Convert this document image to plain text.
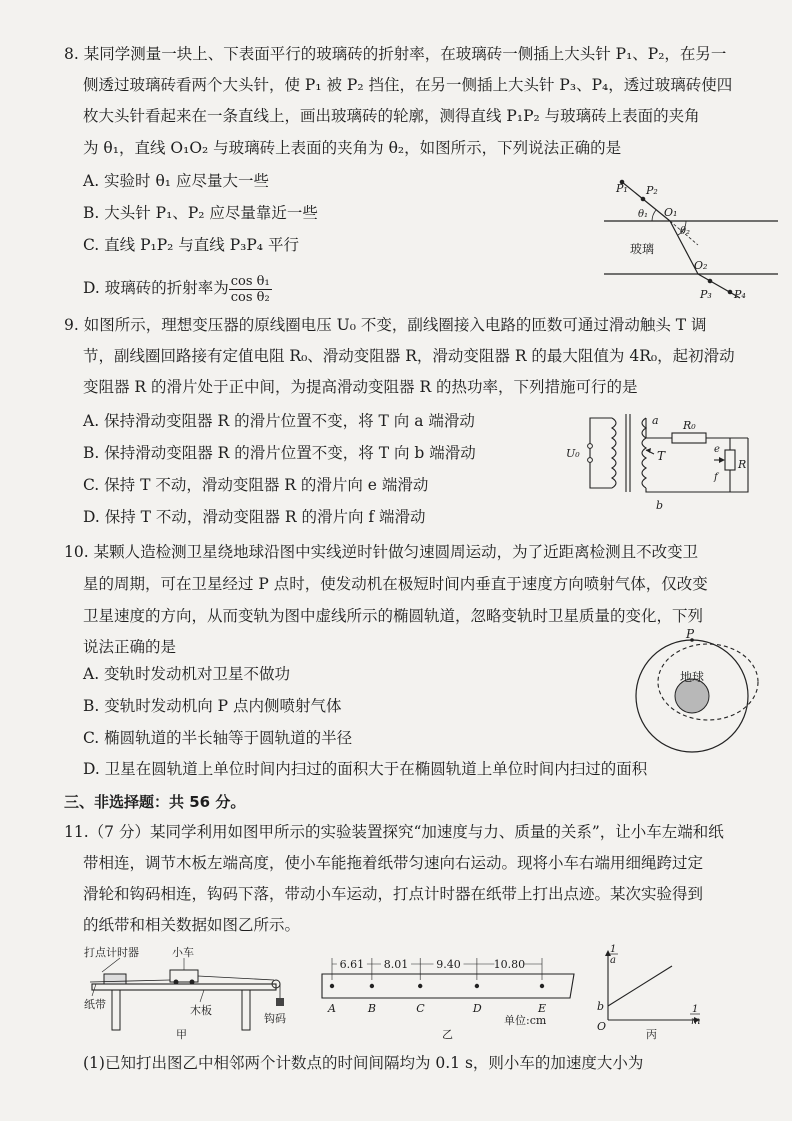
8. 某同学测量一块上、下表面平行的玻璃砖的折射率，在玻璃砖一侧插上大头针 P₁、P₂，在另一
侧透过玻璃砖看两个大头针，使 P₁ 被 P₂ 挡住，在另一侧插上大头针 P₃、P₄，透过玻璃砖使四
枚大头针看起来在一条直线上，画出玻璃砖的轮廓，测得直线 P₁P₂ 与玻璃砖上表面的夹角
为 θ₁，直线 O₁O₂ 与玻璃砖上表面的夹角为 θ₂，如图所示，下列说法正确的是
A. 实验时 θ₁ 应尽量大一些
B. 大头针 P₁、P₂ 应尽量靠近一些
C. 直线 P₁P₂ 与直线 P₃P₄ 平行
D. 玻璃砖的折射率为 $\frac{\text{cos θ₁}}{\text{cos θ₂}}$
P₁ P₂
θ₁ O₁
θ₂
玻璃
O₂
P₃ P₄
9. 如图所示，理想变压器的原线圈电压 U₀ 不变，副线圈接入电路的匝数可通过滑动触头 T 调
节，副线圈回路接有定值电阻 R₀、滑动变阻器 R，滑动变阻器 R 的最大阻值为 4R₀，起初滑动
变阻器 R 的滑片处于正中间，为提高滑动变阻器 R 的热功率，下列措施可行的是
A. 保持滑动变阻器 R 的滑片位置不变，将 T 向 a 端滑动
B. 保持滑动变阻器 R 的滑片位置不变，将 T 向 b 端滑动
C. 保持 T 不动，滑动变阻器 R 的滑片向 e 端滑动
D. 保持 T 不动，滑动变阻器 R 的滑片向 f 端滑动
U₀
a
T
R₀
e
f
R
b
10. 某颗人造检测卫星绕地球沿图中实线逆时针做匀速圆周运动，为了近距离检测且不改变卫
星的周期，可在卫星经过 P 点时，使发动机在极短时间内垂直于速度方向喷射气体，仅改变
卫星速度的方向，从而变轨为图中虚线所示的椭圆轨道，忽略变轨时卫星质量的变化，下列
说法正确的是
A. 变轨时发动机对卫星不做功
B. 变轨时发动机向 P 点内侧喷射气体
C. 椭圆轨道的半长轴等于圆轨道的半径
D. 卫星在圆轨道上单位时间内扫过的面积大于在椭圆轨道上单位时间内扫过的面积
P
地球
三、非选择题：共 56 分。
11.（7 分）某同学利用如图甲所示的实验装置探究“加速度与力、质量的关系”，让小车左端和纸
带相连，调节木板左端高度，使小车能拖着纸带匀速向右运动。现将小车右端用细绳跨过定
滑轮和钩码相连，钩码下落，带动小车运动，打点计时器在纸带上打出点迹。某次实验得到
的纸带和相关数据如图乙所示。
打点计时器	小车
纸带	木板
钩码
甲
6.61 8.01	9.40	10.80
A	B	C	D	E
单位:cm
乙
1
a
1
m
b
O
丙
(1)已知打出图乙中相邻两个计数点的时间间隔均为 0.1 s，则小车的加速度大小为
